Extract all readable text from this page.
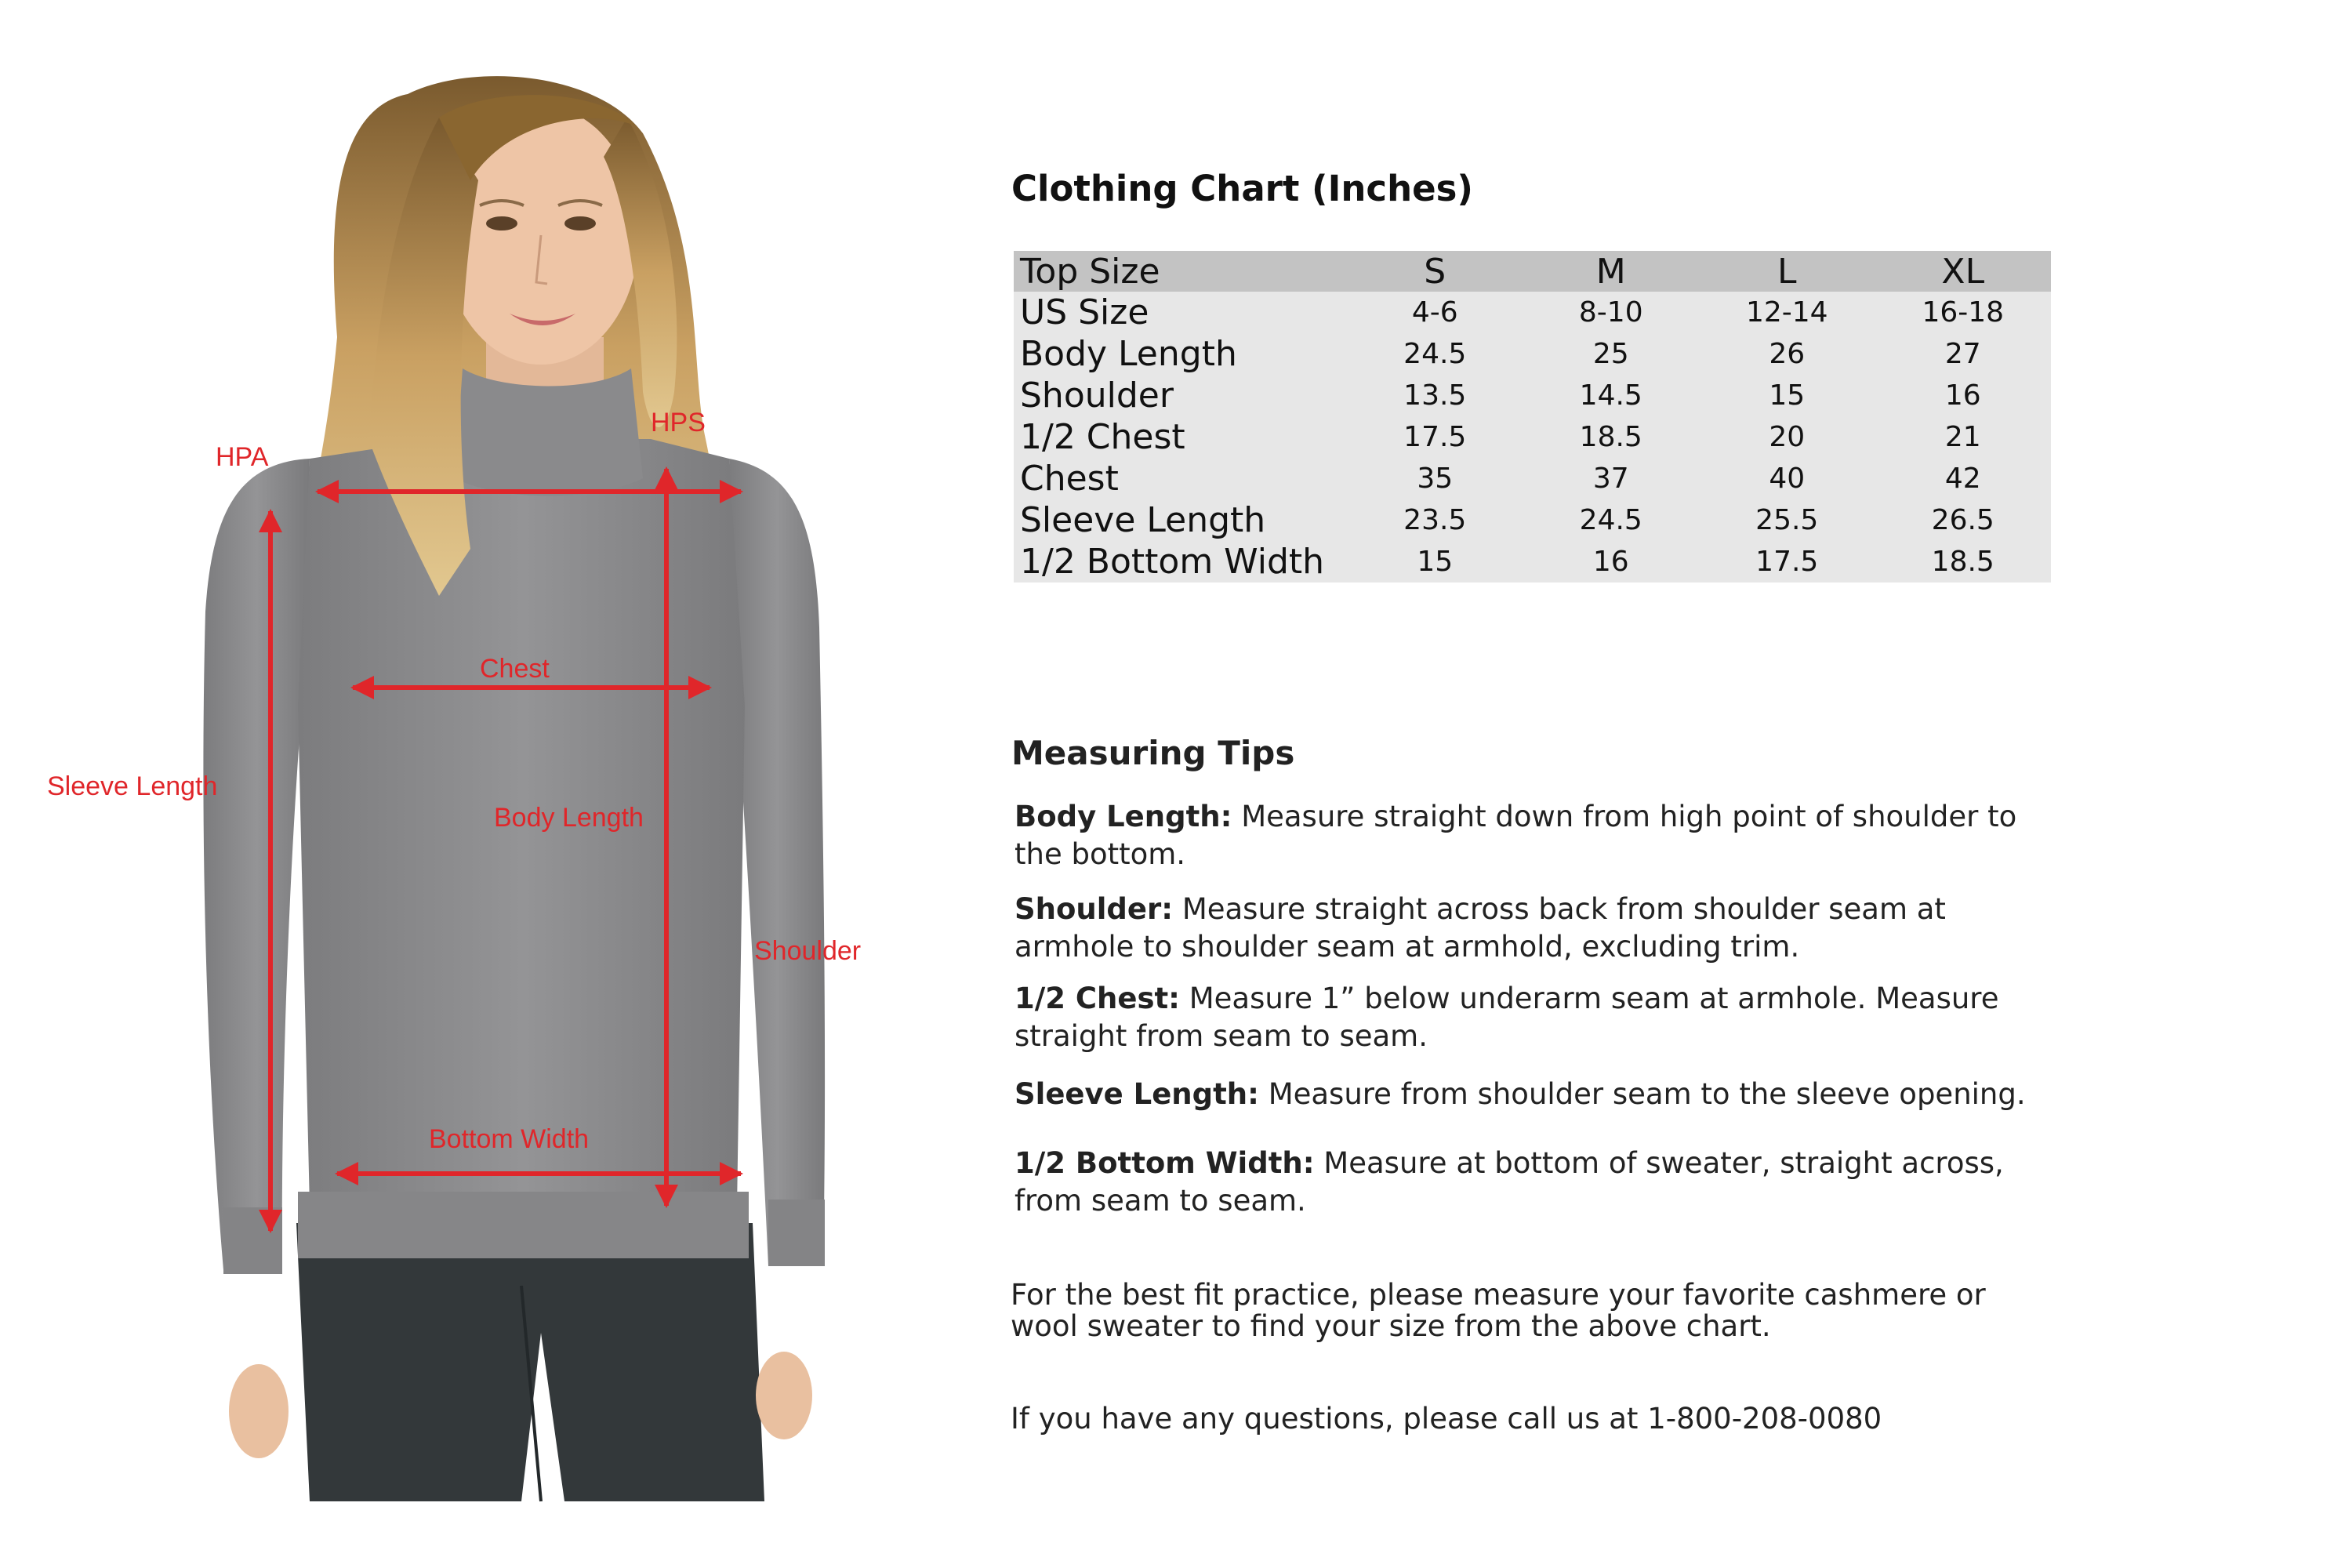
HPA
HPS
Chest
Sleeve Length
Body Length
Shoulder
Bottom Width
Clothing Chart (Inches)
Top Size	S	M	L	XL
US Size	4-6	8-10	12-14	16-18
Body Length	24.5	25	26	27
Shoulder	13.5	14.5	15	16
1/2 Chest	17.5	18.5	20	21
Chest	35	37	40	42
Sleeve Length	23.5	24.5	25.5	26.5
1/2 Bottom Width	15	16	17.5	18.5
Measuring Tips

Body Length: Measure straight down from high point of shoulder to the bottom.

Shoulder: Measure straight across back from shoulder seam at armhole to shoulder seam at armhold, excluding trim.

1/2 Chest: Measure 1” below underarm seam at armhole. Measure straight from seam to seam.

Sleeve Length: Measure from shoulder seam to the sleeve opening.

1/2 Bottom Width: Measure at bottom of sweater, straight across, from seam to seam.

For the best fit practice, please measure your favorite cashmere or wool sweater to find your size from the above chart.

If you have any questions, please call us at 1-800-208-0080
